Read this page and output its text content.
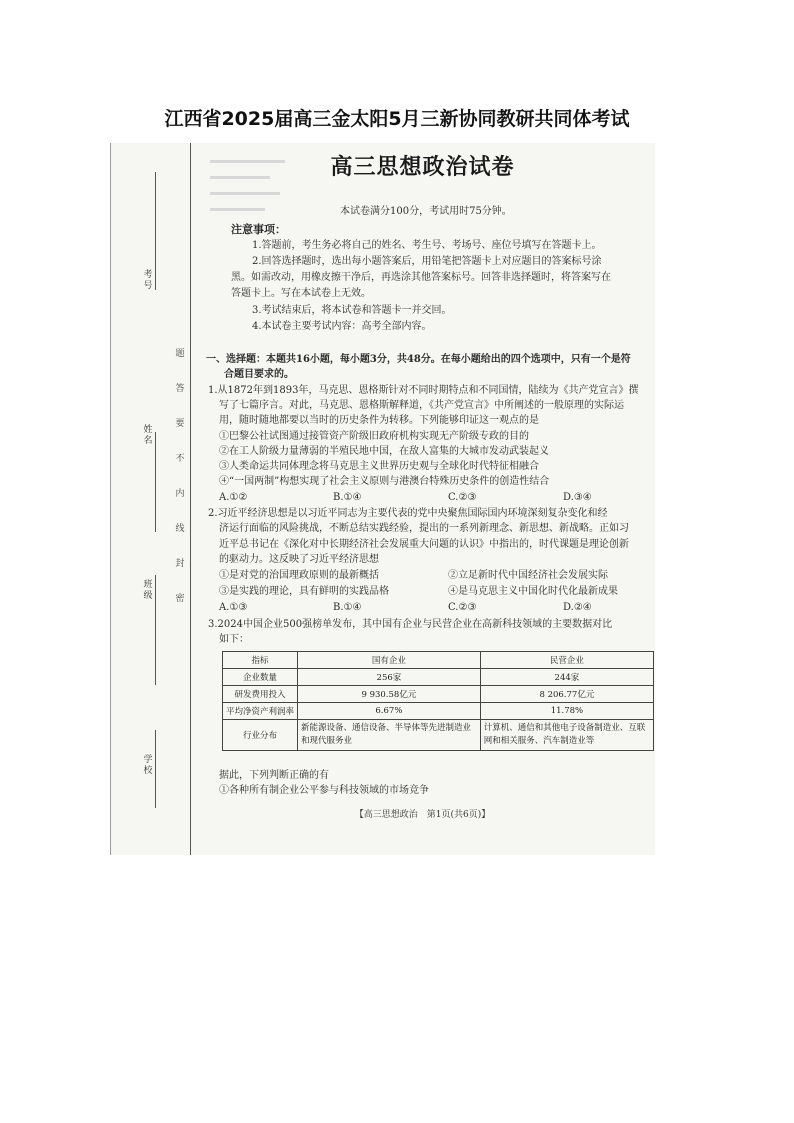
江西省2025届高三金太阳5月三新协同教研共同体考试
考号
姓名
班级
学校
题
答
要
不
内
线
封
密
高三思想政治试卷
本试卷满分100分，考试用时75分钟。
注意事项：
1.答题前，考生务必将自己的姓名、考生号、考场号、座位号填写在答题卡上。
2.回答选择题时，选出每小题答案后，用铅笔把答题卡上对应题目的答案标号涂
黑。如需改动，用橡皮擦干净后，再选涂其他答案标号。回答非选择题时，将答案写在
答题卡上。写在本试卷上无效。
3.考试结束后，将本试卷和答题卡一并交回。
4.本试卷主要考试内容：高考全部内容。
一、选择题：本题共16小题，每小题3分，共48分。在每小题给出的四个选项中，只有一个是符
合题目要求的。
1.从1872年到1893年，马克思、恩格斯针对不同时期特点和不同国情，陆续为《共产党宣言》撰
写了七篇序言。对此，马克思、恩格斯解释道，《共产党宣言》中所阐述的一般原理的实际运
用，随时随地都要以当时的历史条件为转移。下列能够印证这一观点的是
①巴黎公社试图通过接管资产阶级旧政府机构实现无产阶级专政的目的
②在工人阶级力量薄弱的半殖民地中国，在敌人富集的大城市发动武装起义
③人类命运共同体理念将马克思主义世界历史观与全球化时代特征相融合
④“一国两制”构想实现了社会主义原则与港澳台特殊历史条件的创造性结合
A.①②	B.①④	C.②③	D.③④
2.习近平经济思想是以习近平同志为主要代表的党中央聚焦国际国内环境深刻复杂变化和经
济运行面临的风险挑战，不断总结实践经验，提出的一系列新理念、新思想、新战略。正如习
近平总书记在《深化对中长期经济社会发展重大问题的认识》中指出的，时代课题是理论创新
的驱动力。这反映了习近平经济思想
①是对党的治国理政原则的最新概括	②立足新时代中国经济社会发展实际
③是实践的理论，具有鲜明的实践品格	④是马克思主义中国化时代化最新成果
A.①③	B.①④	C.②③	D.②④
3.2024中国企业500强榜单发布，其中国有企业与民营企业在高新科技领域的主要数据对比
如下：
指标	国有企业	民营企业
企业数量	256家	244家
研发费用投入	9 930.58亿元	8 206.77亿元
平均净资产利润率	6.67%	11.78%
行业分布	新能源设备、通信设备、半导体等先进制造业和现代服务业	计算机、通信和其他电子设备制造业、互联网和相关服务、汽车制造业等
据此，下列判断正确的有
①各种所有制企业公平参与科技领域的市场竞争
【高三思想政治　第1页(共6页)】
